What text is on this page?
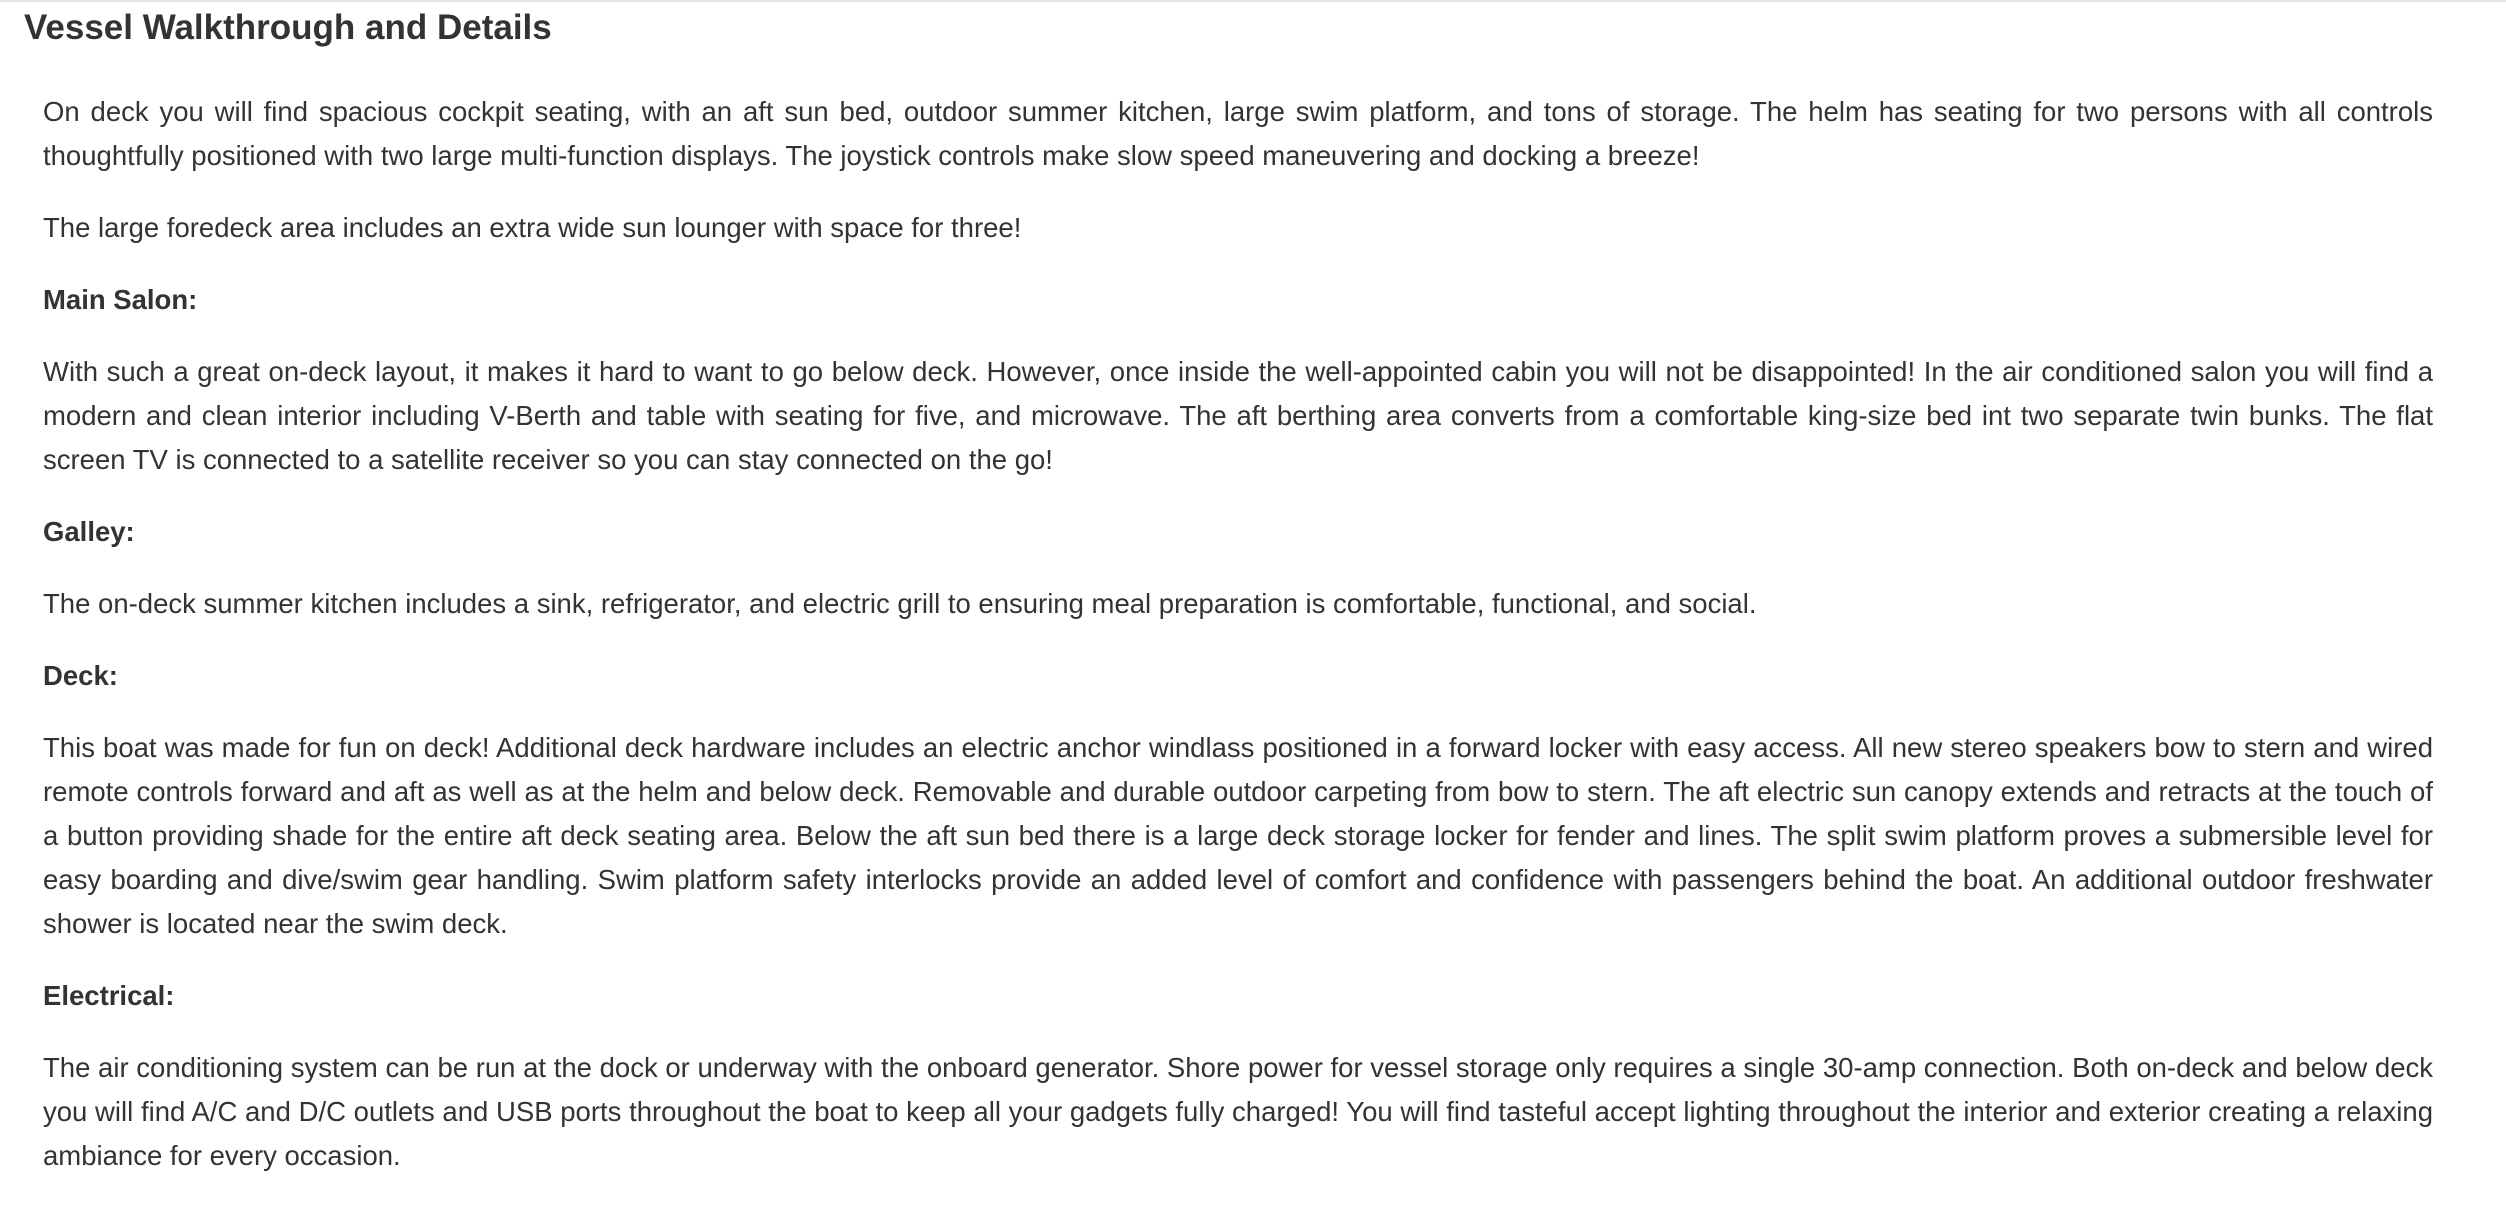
Vessel Walkthrough and Details

On deck you will find spacious cockpit seating, with an aft sun bed, outdoor summer kitchen, large swim platform, and tons of storage. The helm has seating for two persons with all controls thoughtfully positioned with two large multi-function displays. The joystick controls make slow speed maneuvering and docking a breeze!

The large foredeck area includes an extra wide sun lounger with space for three!

Main Salon:

With such a great on-deck layout, it makes it hard to want to go below deck. However, once inside the well-appointed cabin you will not be disappointed! In the air conditioned salon you will find a modern and clean interior including V-Berth and table with seating for five, and microwave. The aft berthing area converts from a comfortable king-size bed int two separate twin bunks. The flat screen TV is connected to a satellite receiver so you can stay connected on the go!

Galley:

The on-deck summer kitchen includes a sink, refrigerator, and electric grill to ensuring meal preparation is comfortable, functional, and social.

Deck:

This boat was made for fun on deck! Additional deck hardware includes an electric anchor windlass positioned in a forward locker with easy access. All new stereo speakers bow to stern and wired remote controls forward and aft as well as at the helm and below deck. Removable and durable outdoor carpeting from bow to stern. The aft electric sun canopy extends and retracts at the touch of a button providing shade for the entire aft deck seating area. Below the aft sun bed there is a large deck storage locker for fender and lines. The split swim platform proves a submersible level for easy boarding and dive/swim gear handling. Swim platform safety interlocks provide an added level of comfort and confidence with passengers behind the boat. An additional outdoor freshwater shower is located near the swim deck.

Electrical:

The air conditioning system can be run at the dock or underway with the onboard generator. Shore power for vessel storage only requires a single 30-amp connection. Both on-deck and below deck you will find A/C and D/C outlets and USB ports throughout the boat to keep all your gadgets fully charged! You will find tasteful accept lighting throughout the interior and exterior creating a relaxing ambiance for every occasion.
